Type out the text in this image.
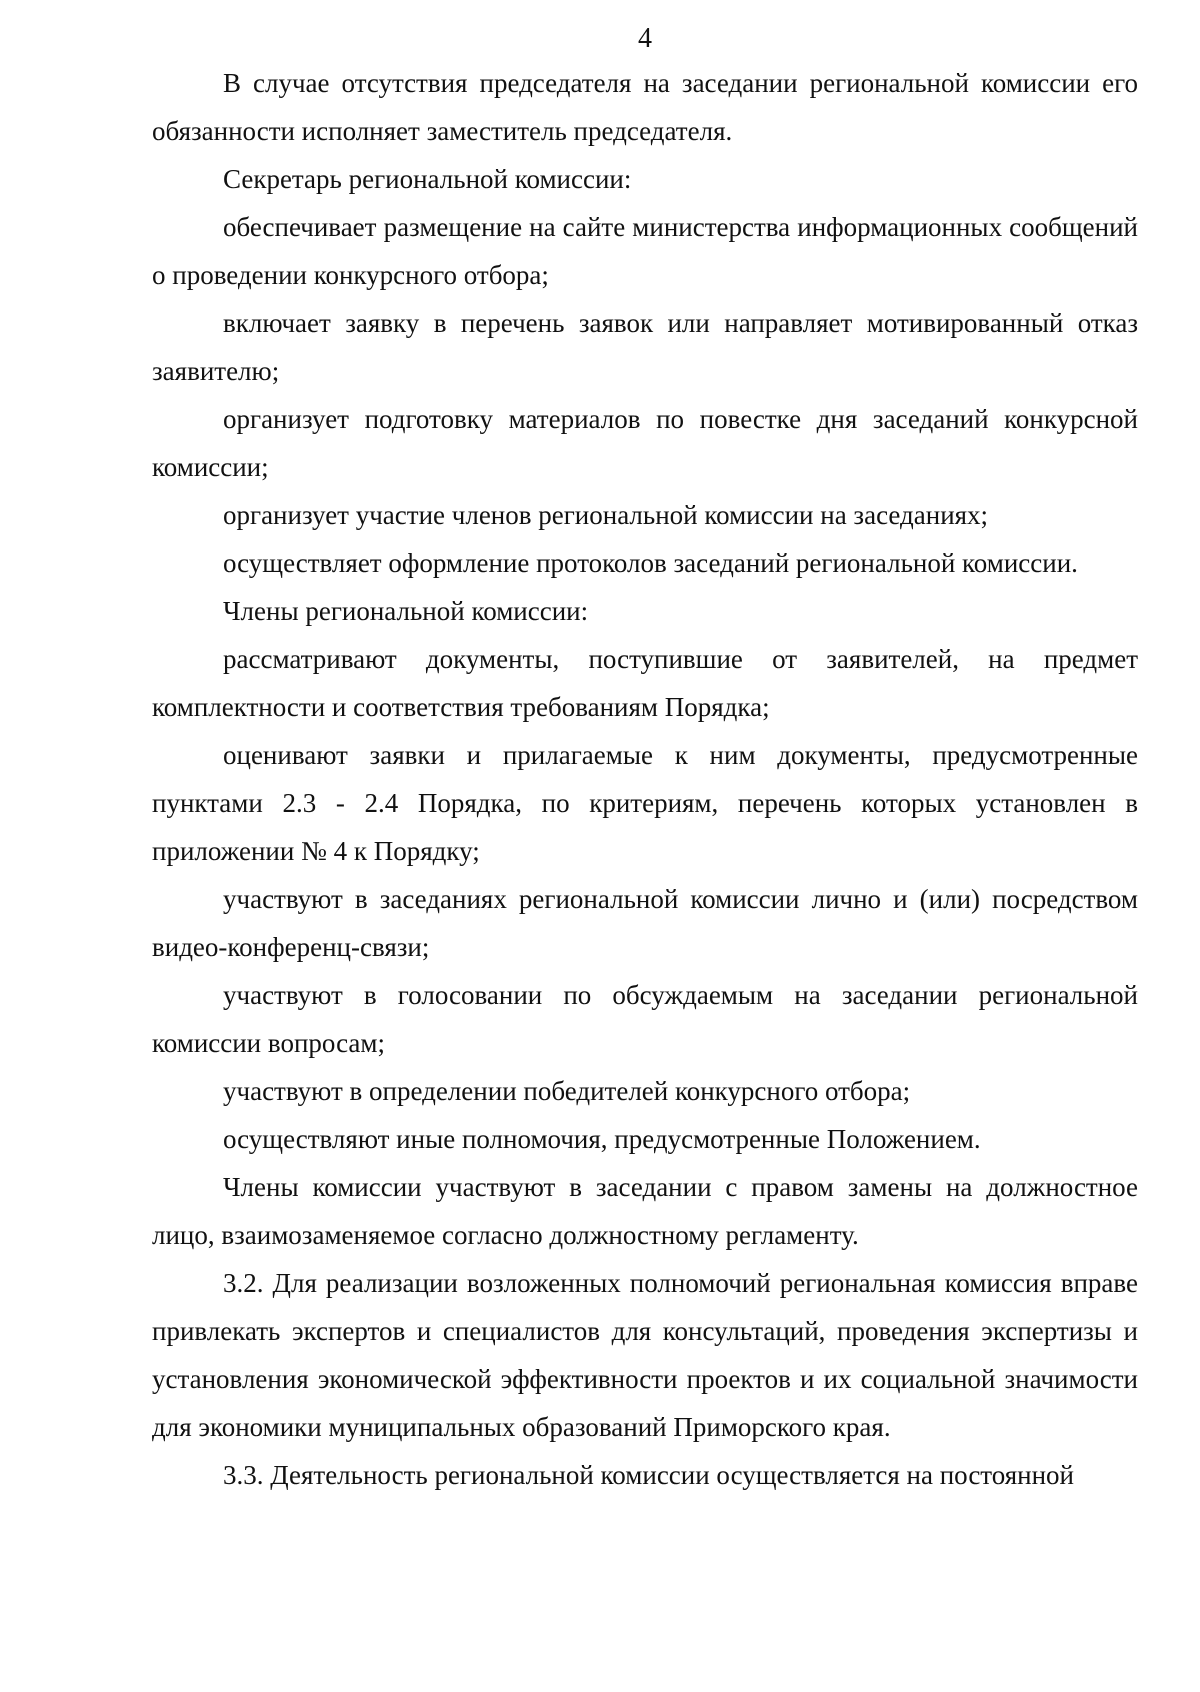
4

В случае отсутствия председателя на заседании региональной комиссии его обязанности исполняет заместитель председателя.

Секретарь региональной комиссии:

обеспечивает размещение на сайте министерства информационных сообщений о проведении конкурсного отбора;

включает заявку в перечень заявок или направляет мотивированный отказ заявителю;

организует подготовку материалов по повестке дня заседаний конкурсной комиссии;

организует участие членов региональной комиссии на заседаниях;

осуществляет оформление протоколов заседаний региональной комиссии.

Члены региональной комиссии:

рассматривают документы, поступившие от заявителей, на предмет комплектности и соответствия требованиям Порядка;

оценивают заявки и прилагаемые к ним документы, предусмотренные пунктами 2.3 - 2.4 Порядка, по критериям, перечень которых установлен в приложении № 4 к Порядку;

участвуют в заседаниях региональной комиссии лично и (или) посредством видео-конференц-связи;

участвуют в голосовании по обсуждаемым на заседании региональной комиссии вопросам;

участвуют в определении победителей конкурсного отбора;

осуществляют иные полномочия, предусмотренные Положением.

Члены комиссии участвуют в заседании с правом замены на должностное лицо, взаимозаменяемое согласно должностному регламенту.

3.2. Для реализации возложенных полномочий региональная комиссия вправе привлекать экспертов и специалистов для консультаций, проведения экспертизы и установления экономической эффективности проектов и их социальной значимости для экономики муниципальных образований Приморского края.

3.3. Деятельность региональной комиссии осуществляется на постоянной
